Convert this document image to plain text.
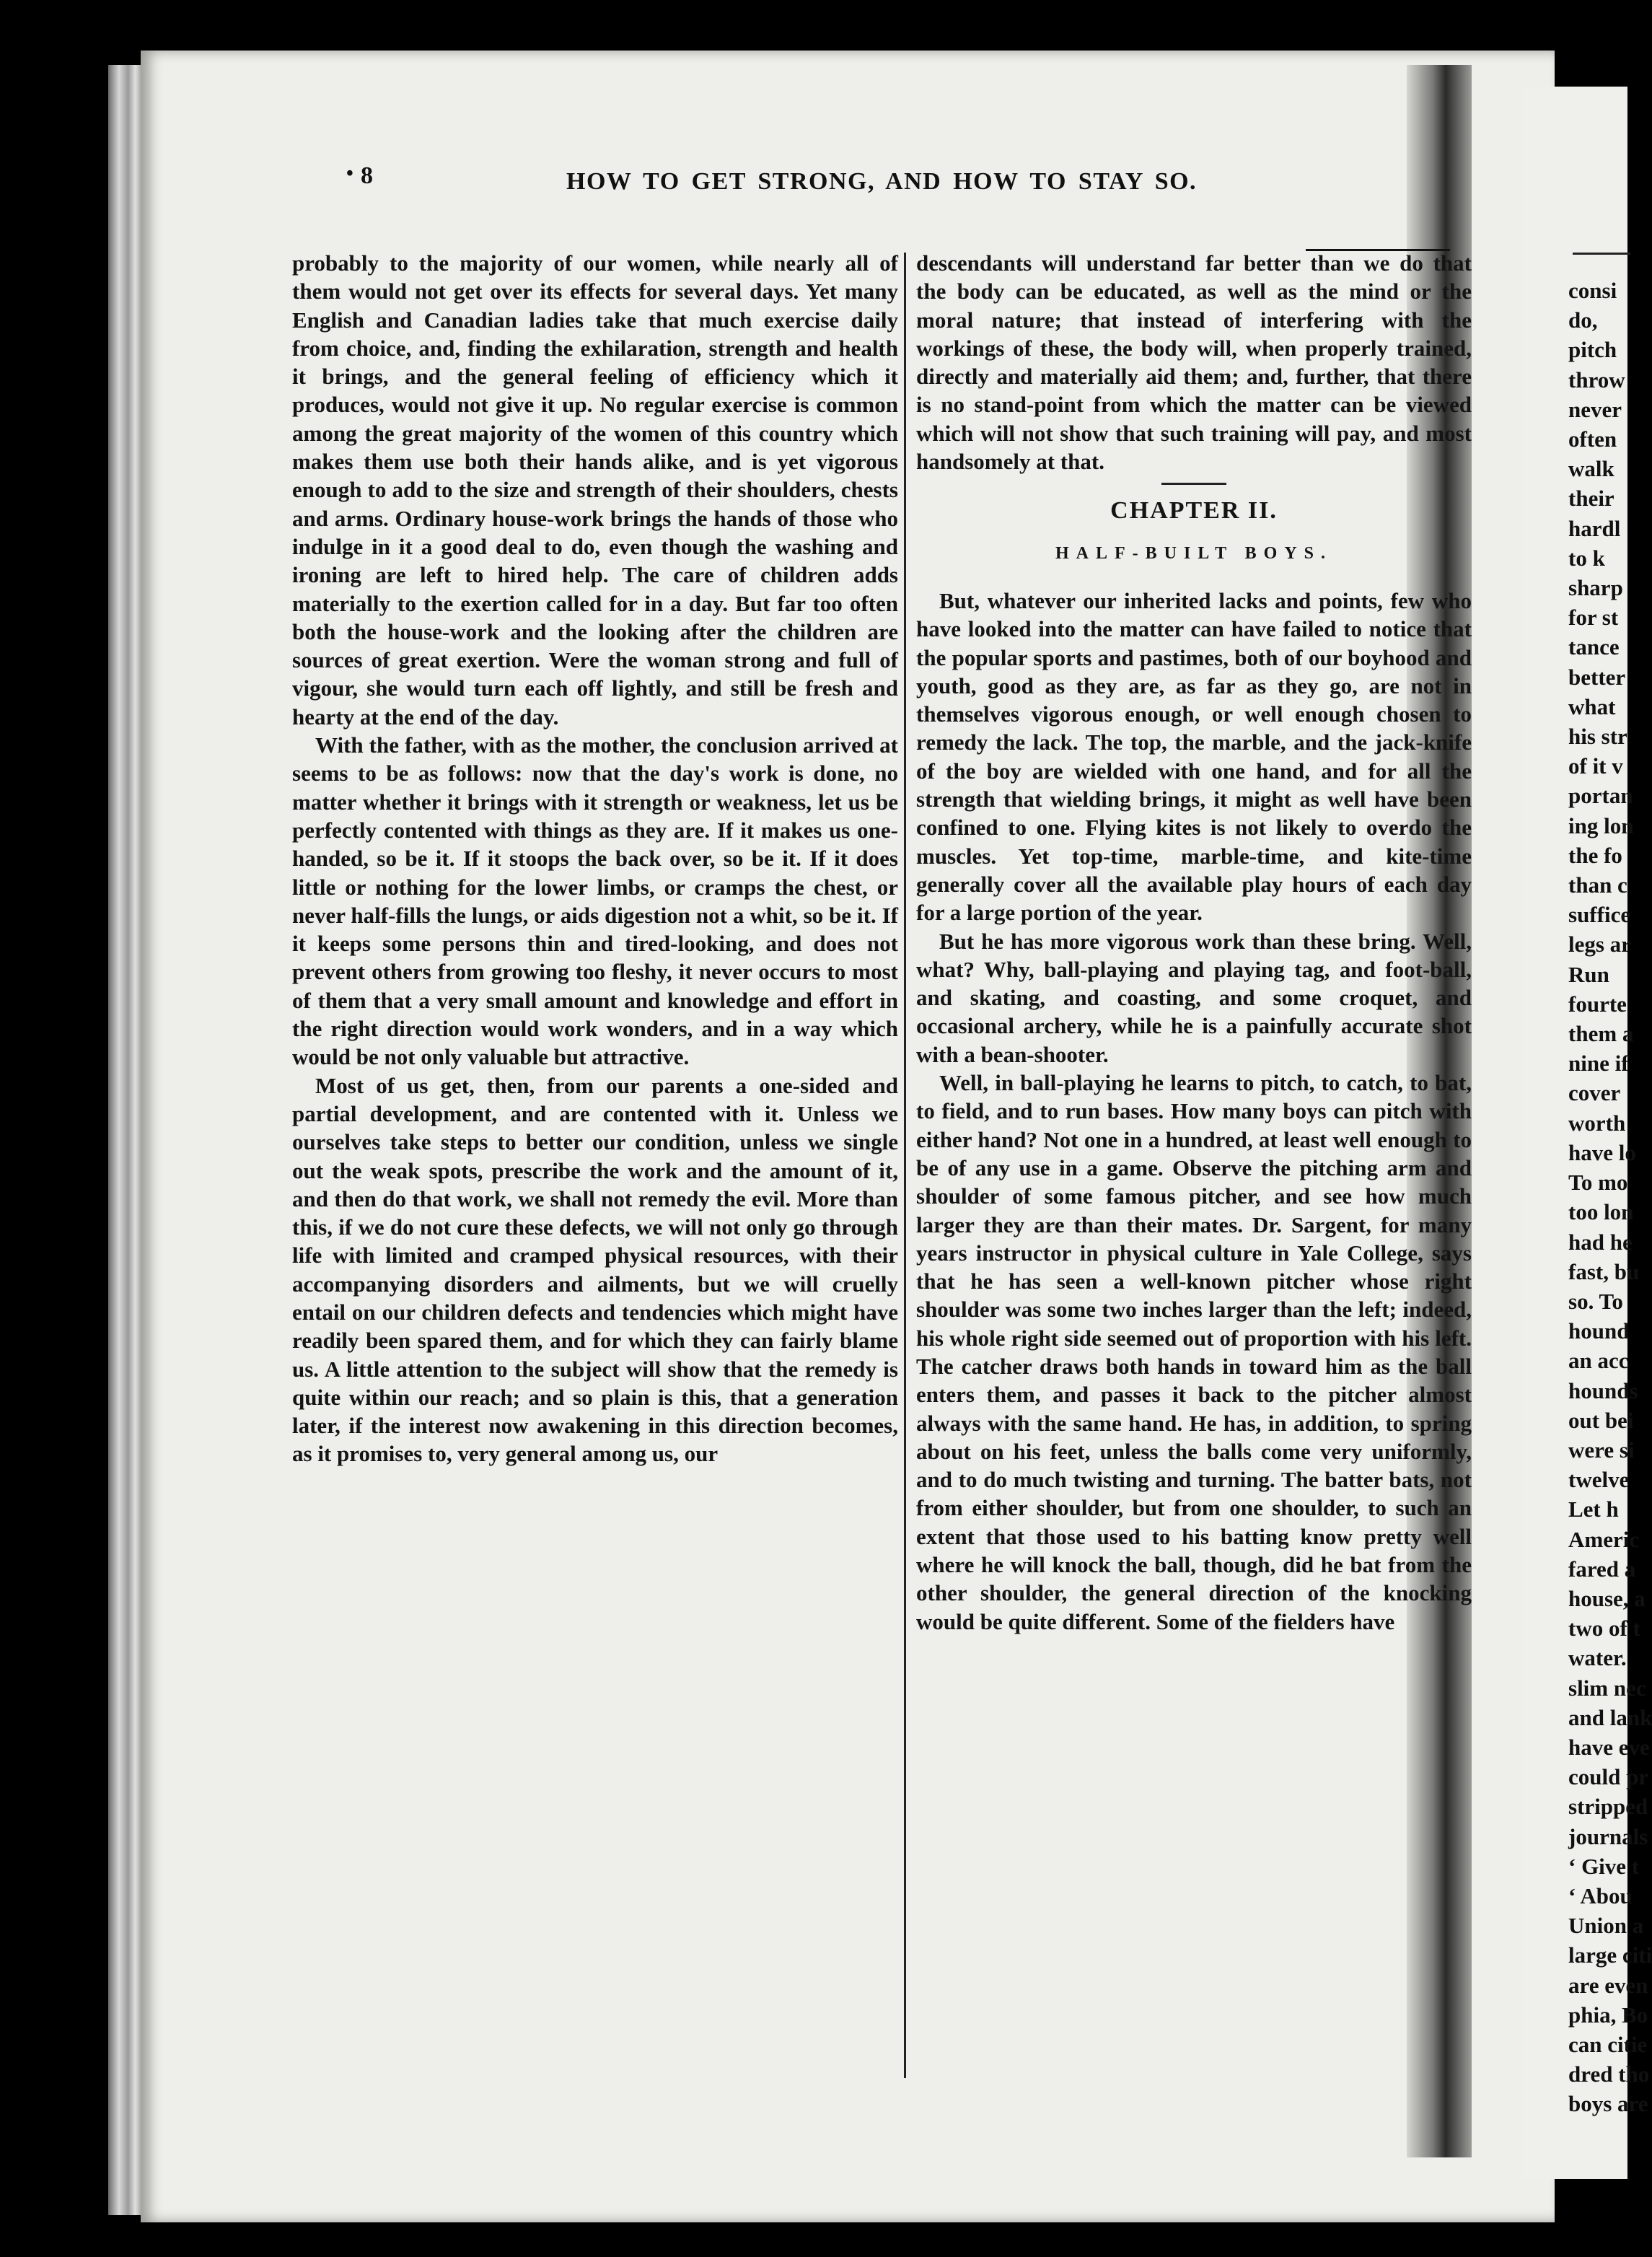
consi
do,
pitch
throw
never
often
walk
their
hardl
to k
sharp
for st
tance
better
what
his str
of it v
portan
ing lon
the fo
than c
suffice
legs ar
Run
fourte
them a
nine if
cover
worth
have lo
To mo
too lon
had he
fast, bu
so. To
hound
an acc
hounds
out bei
were si
twelve
Let h
Americ
fared a
house, a
two of t
water.
slim nec
and lank
have eve
could pr
stripped
journals
‘ Give t
‘ Abou
Union a
large citi
are even
phia, Bo
can citie
dred tho
boys are
• 8	HOW TO GET STRONG, AND HOW TO STAY SO.

probably to the majority of our women, while nearly all of them would not get over its effects for several days. Yet many English and Canadian ladies take that much exercise daily from choice, and, finding the exhilaration, strength and health it brings, and the general feeling of efficiency which it produces, would not give it up. No regular exercise is common among the great majority of the women of this country which makes them use both their hands alike, and is yet vigorous enough to add to the size and strength of their shoulders, chests and arms. Ordinary house-work brings the hands of those who indulge in it a good deal to do, even though the washing and ironing are left to hired help. The care of children adds materially to the exertion called for in a day. But far too often both the house-work and the looking after the children are sources of great exertion. Were the woman strong and full of vigour, she would turn each off lightly, and still be fresh and hearty at the end of the day.

With the father, with as the mother, the conclusion arrived at seems to be as follows: now that the day's work is done, no matter whether it brings with it strength or weakness, let us be perfectly contented with things as they are. If it makes us one-handed, so be it. If it stoops the back over, so be it. If it does little or nothing for the lower limbs, or cramps the chest, or never half-fills the lungs, or aids digestion not a whit, so be it. If it keeps some persons thin and tired-looking, and does not prevent others from growing too fleshy, it never occurs to most of them that a very small amount and knowledge and effort in the right direction would work wonders, and in a way which would be not only valuable but attractive.

Most of us get, then, from our parents a one-sided and partial development, and are contented with it. Unless we ourselves take steps to better our condition, unless we single out the weak spots, prescribe the work and the amount of it, and then do that work, we shall not remedy the evil. More than this, if we do not cure these defects, we will not only go through life with limited and cramped physical resources, with their accompanying disorders and ailments, but we will cruelly entail on our children defects and tendencies which might have readily been spared them, and for which they can fairly blame us. A little attention to the subject will show that the remedy is quite within our reach; and so plain is this, that a generation later, if the interest now awakening in this direction becomes, as it promises to, very general among us, our

descendants will understand far better than we do that the body can be educated, as well as the mind or the moral nature; that instead of interfering with the workings of these, the body will, when properly trained, directly and materially aid them; and, further, that there is no stand-point from which the matter can be viewed which will not show that such training will pay, and most handsomely at that.

CHAPTER II.
HALF-BUILT BOYS.

But, whatever our inherited lacks and points, few who have looked into the matter can have failed to notice that the popular sports and pastimes, both of our boyhood and youth, good as they are, as far as they go, are not in themselves vigorous enough, or well enough chosen to remedy the lack. The top, the marble, and the jack-knife of the boy are wielded with one hand, and for all the strength that wielding brings, it might as well have been confined to one. Flying kites is not likely to overdo the muscles. Yet top-time, marble-time, and kite-time generally cover all the available play hours of each day for a large portion of the year.

But he has more vigorous work than these bring. Well, what? Why, ball-playing and playing tag, and foot-ball, and skating, and coasting, and some croquet, and occasional archery, while he is a painfully accurate shot with a bean-shooter.

Well, in ball-playing he learns to pitch, to catch, to bat, to field, and to run bases. How many boys can pitch with either hand? Not one in a hundred, at least well enough to be of any use in a game. Observe the pitching arm and shoulder of some famous pitcher, and see how much larger they are than their mates. Dr. Sargent, for many years instructor in physical culture in Yale College, says that he has seen a well-known pitcher whose right shoulder was some two inches larger than the left; indeed, his whole right side seemed out of proportion with his left. The catcher draws both hands in toward him as the ball enters them, and passes it back to the pitcher almost always with the same hand. He has, in addition, to spring about on his feet, unless the balls come very uniformly, and to do much twisting and turning. The batter bats, not from either shoulder, but from one shoulder, to such an extent that those used to his batting know pretty well where he will knock the ball, though, did he bat from the other shoulder, the general direction of the knocking would be quite different. Some of the fielders have
